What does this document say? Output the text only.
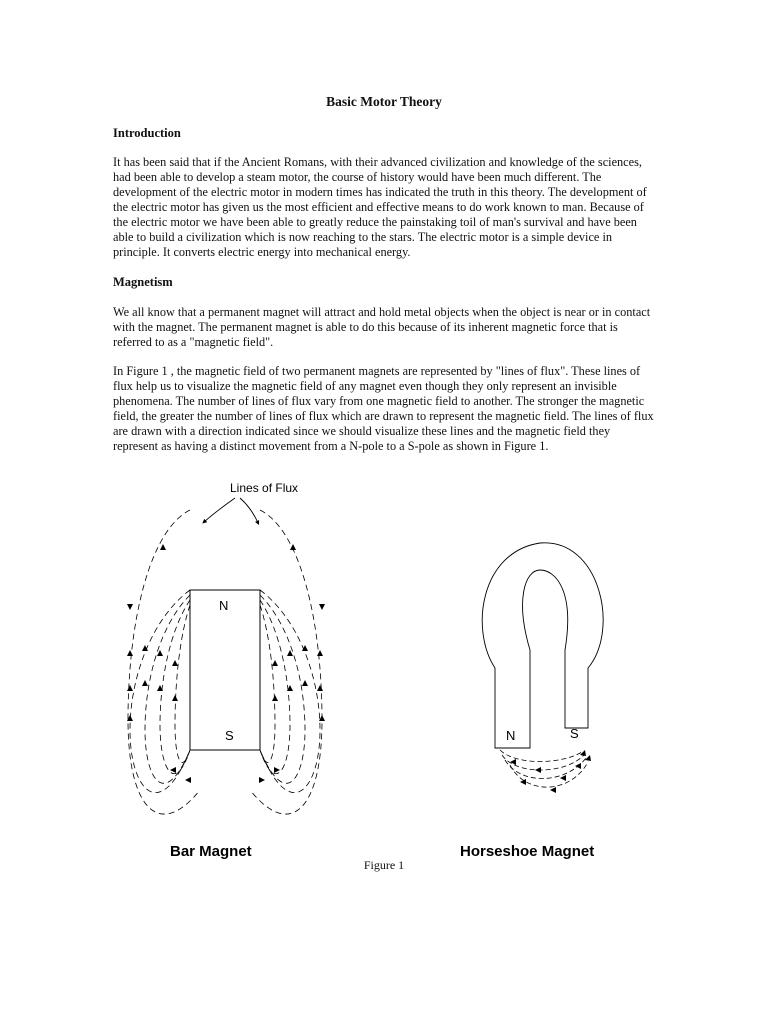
Basic Motor Theory
Introduction

It has been said that if the Ancient Romans, with their advanced civilization and knowledge of the sciences, had been able to develop a steam motor, the course of history would have been much different. The development of the electric motor in modern times has indicated the truth in this theory. The development of the electric motor has given us the most efficient and effective means to do work known to man. Because of the electric motor we have been able to greatly reduce the painstaking toil of man's survival and have been able to build a civilization which is now reaching to the stars. The electric motor is a simple device in principle. It converts electric energy into mechanical energy.

Magnetism

We all know that a permanent magnet will attract and hold metal objects when the object is near or in contact with the magnet. The permanent magnet is able to do this because of its inherent magnetic force that is referred to as a "magnetic field".

In Figure 1 , the magnetic field of two permanent magnets are represented by "lines of flux". These lines of flux help us to visualize the magnetic field of any magnet even though they only represent an invisible phenomena. The number of lines of flux vary from one magnetic field to another. The stronger the magnetic field, the greater the number of lines of flux which are drawn to represent the magnetic field. The lines of flux are drawn with a direction indicated since we should visualize these lines and the magnetic field they represent as having a distinct movement from a N-pole to a S-pole as shown in Figure 1.

Lines of Flux
N
S	N	S
Bar Magnet	Horseshoe Magnet
Figure 1
